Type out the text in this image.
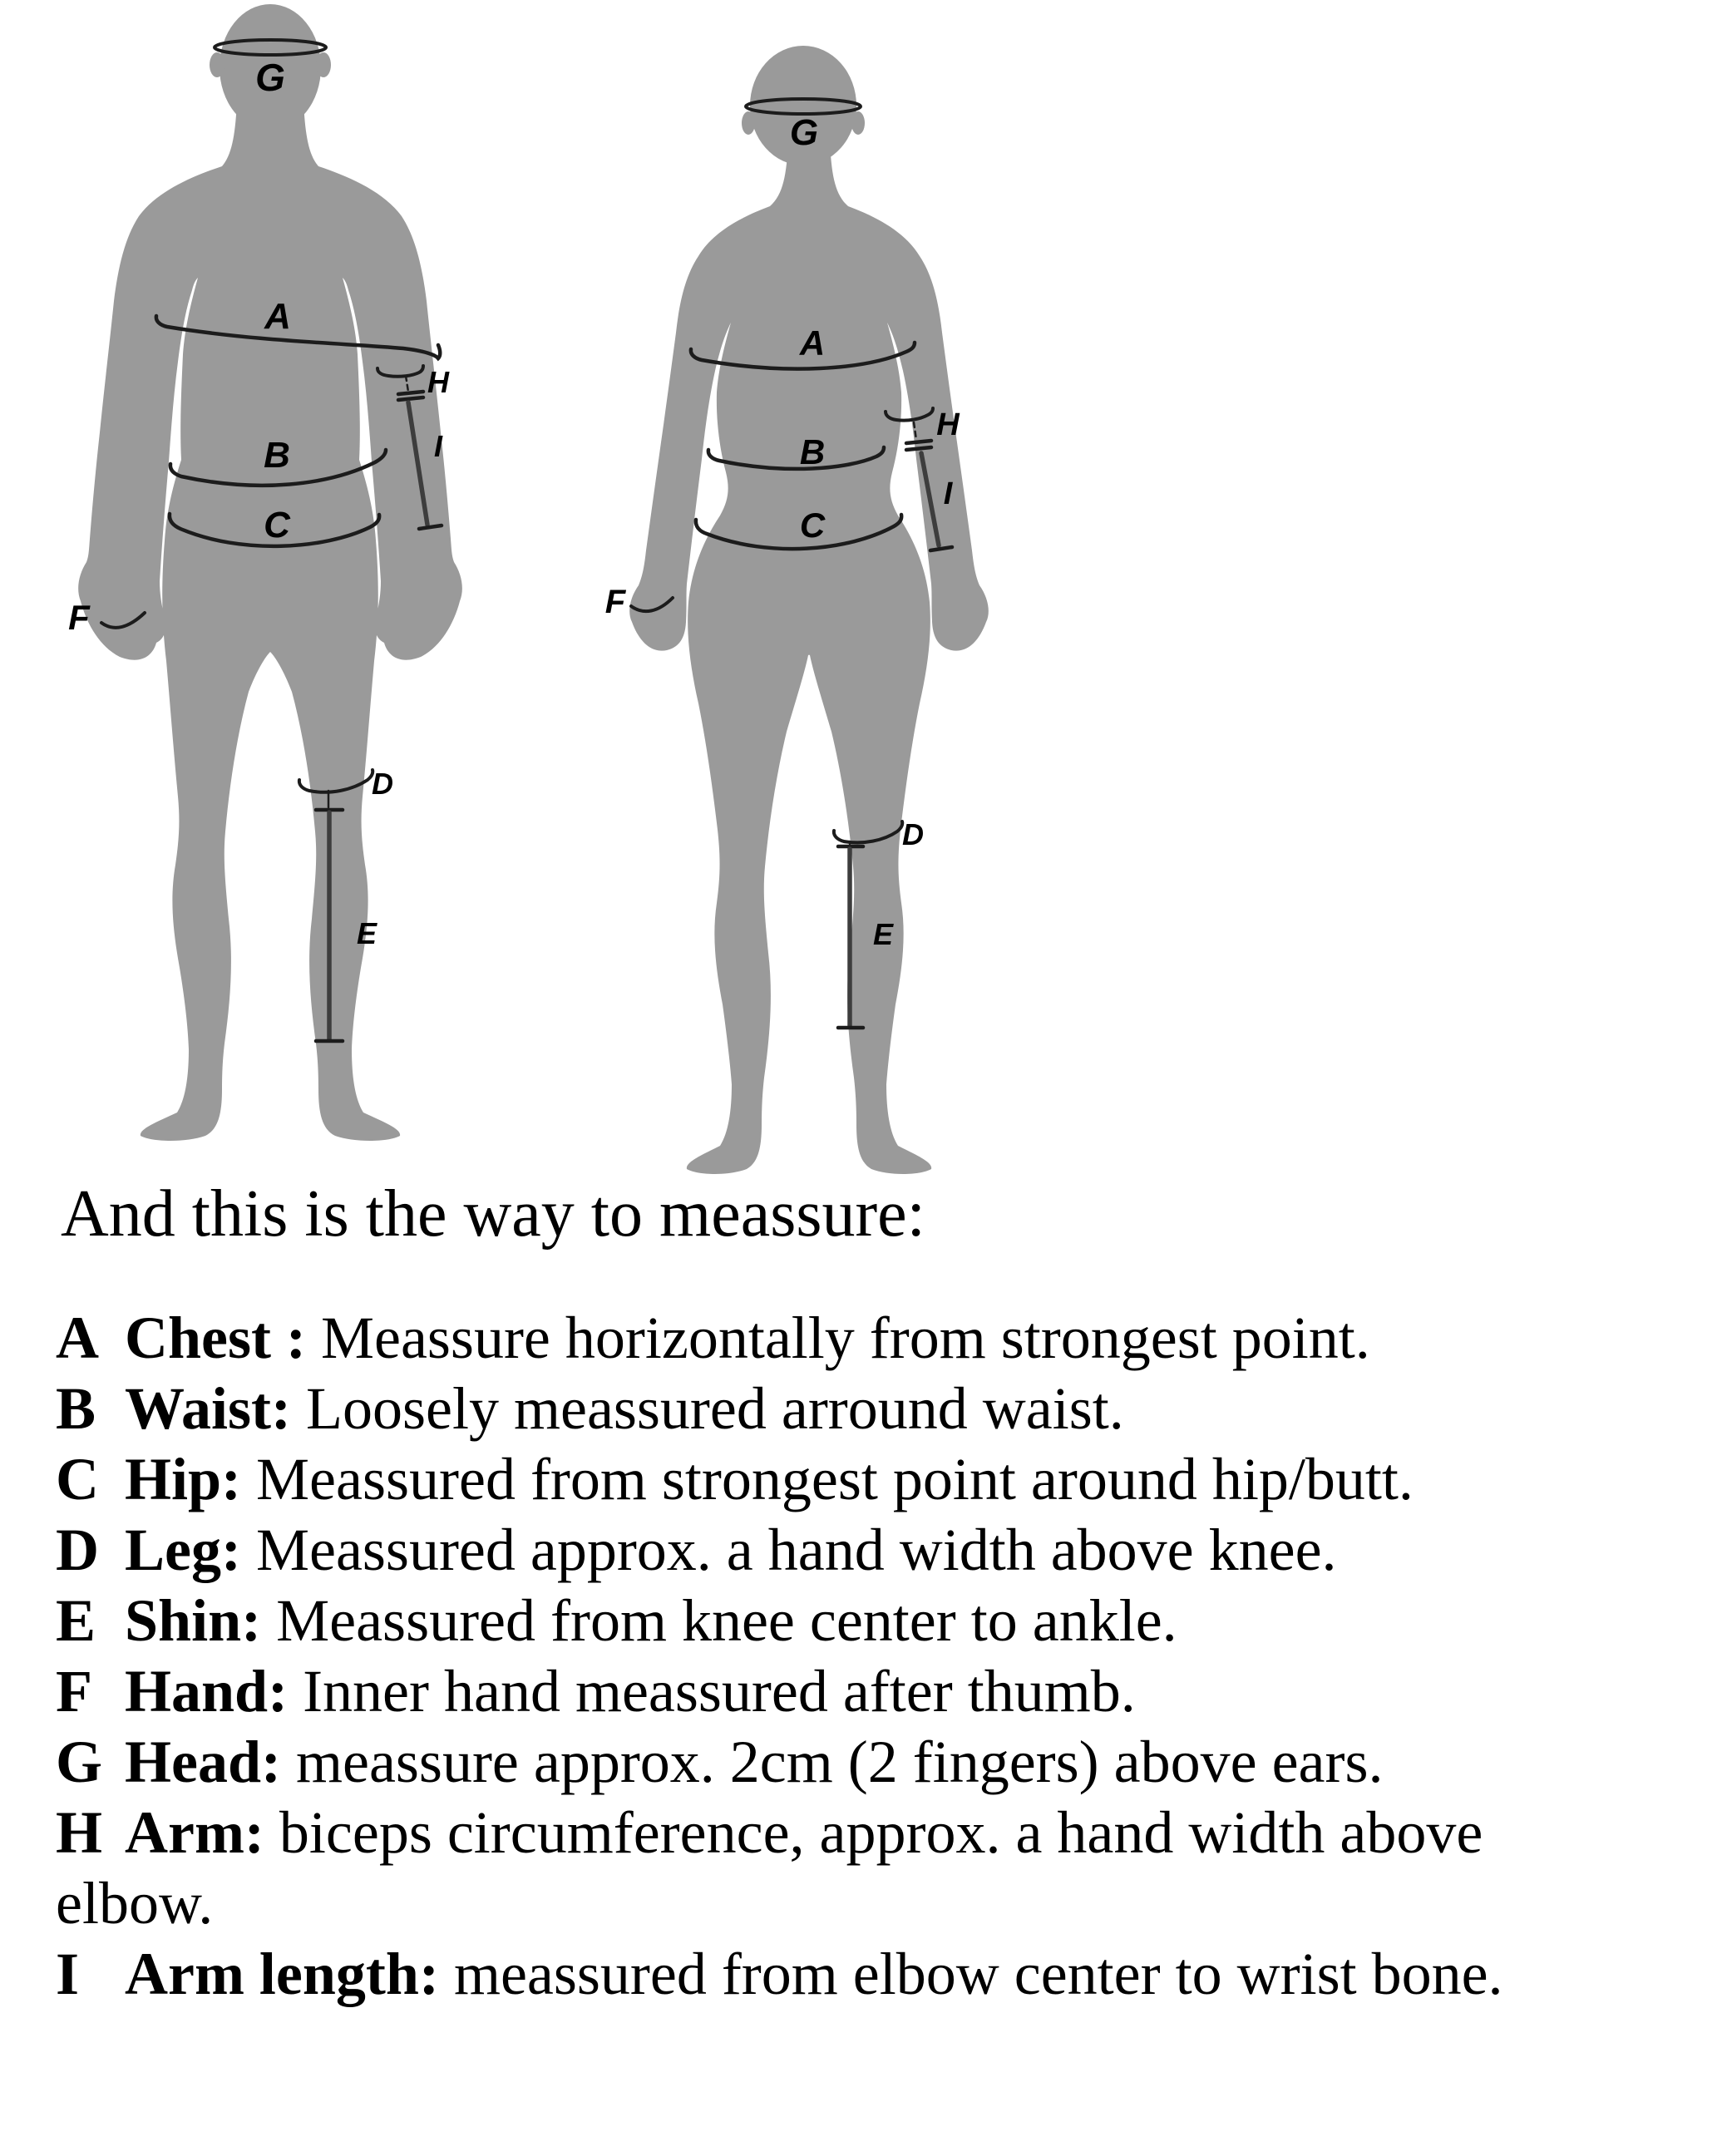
G
A
H
B	I
C
F
D
E
G
A
B
H
C
I
F
D
E
And this is the way to meassure:
A Chest : Meassure horizontally from strongest point.
B Waist: Loosely meassured arround waist.
C Hip: Meassured from strongest point around hip/butt.
D Leg: Meassured approx. a hand width above knee.
E Shin: Meassured from knee center to ankle.
F Hand: Inner hand meassured after thumb.
G Head: meassure approx. 2cm (2 fingers) above ears.
H Arm: biceps circumference, approx. a hand width above
elbow.
I Arm length: meassured from elbow center to wrist bone.
